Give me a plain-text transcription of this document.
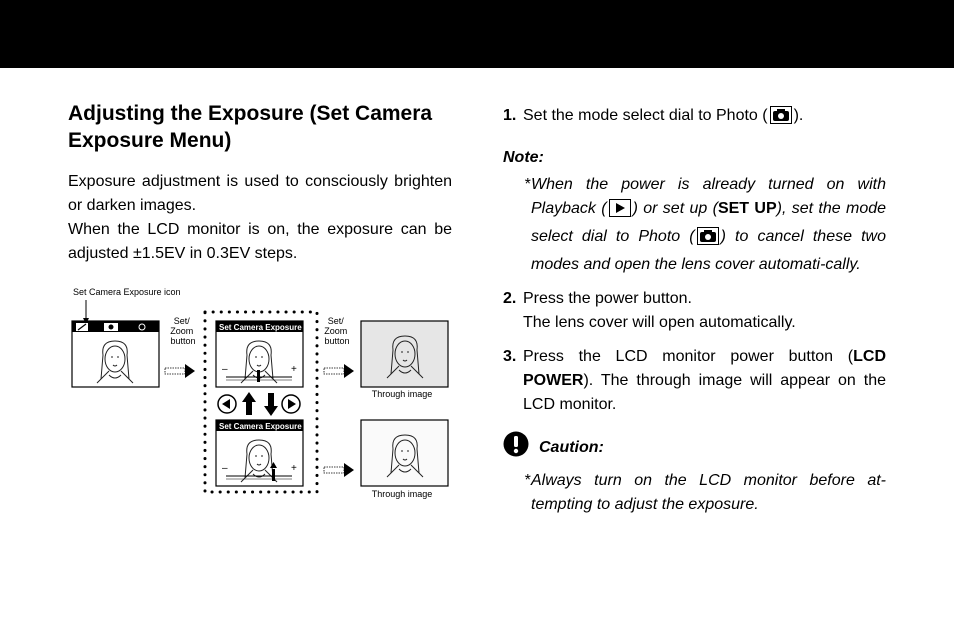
Adjusting the Exposure (Set Camera Exposure Menu)

Exposure adjustment is used to consciously brighten or darken images.

When the LCD monitor is on, the exposure can be adjusted ±1.5EV in 0.3EV steps.

Set Camera Exposure icon
Set/ Zoom button
Set Camera Exposure
–	+
Set Camera Exposure
–	+
Set/ Zoom button
Through image
Through image
1. Set the mode select dial to Photo ( ).
Note:
* When the power is already turned on with Playback ( ) or set up (SET UP), set the mode select dial to Photo ( ) to cancel these two modes and open the lens cover automati-cally.
2. Press the power button.

The lens cover will open automatically.

3. Press the LCD monitor power button (LCD POWER). The through image will appear on the LCD monitor.
Caution:
* Always turn on the LCD monitor before at-tempting to adjust the exposure.
